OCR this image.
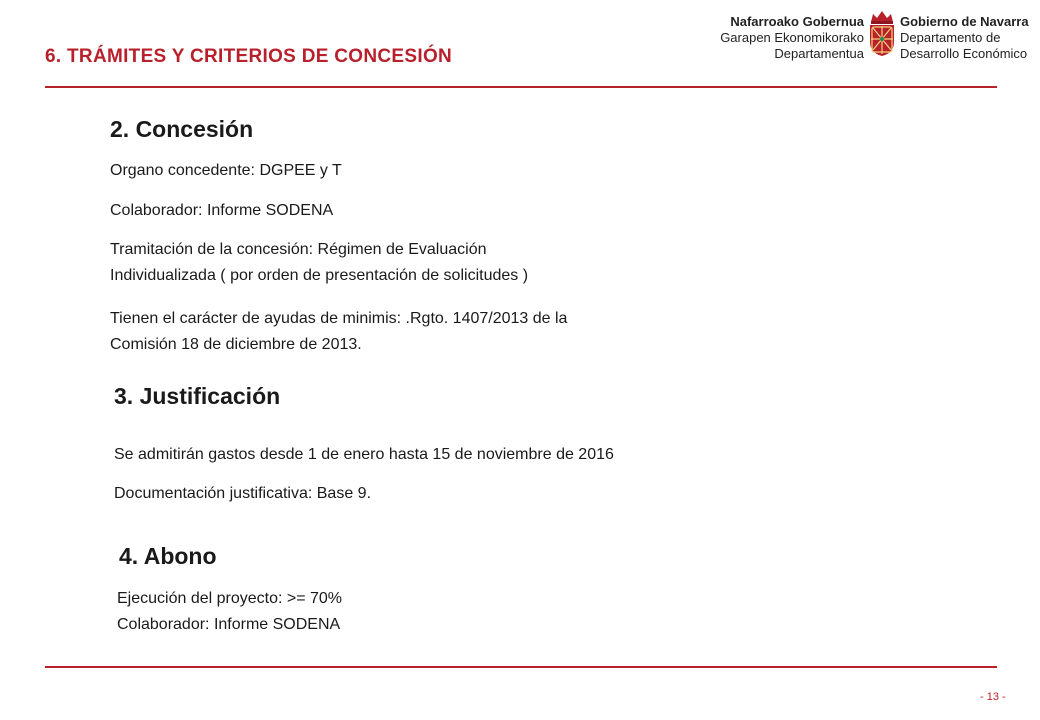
6. TRÁMITES Y CRITERIOS DE CONCESIÓN
Nafarroako Gobernua
Garapen Ekonomikorako
Departamentua
Gobierno de Navarra
Departamento de
Desarrollo Económico
2. Concesión
Organo concedente: DGPEE y T
Colaborador: Informe SODENA
Tramitación de la concesión: Régimen de Evaluación
Individualizada ( por orden de presentación de solicitudes )
Tienen el carácter de ayudas de minimis: .Rgto. 1407/2013 de la
Comisión 18 de diciembre de 2013.
3. Justificación
Se admitirán gastos desde 1 de enero hasta 15 de noviembre de 2016
Documentación justificativa: Base 9.
4. Abono
Ejecución del proyecto: >= 70%
Colaborador: Informe SODENA
- 13 -
